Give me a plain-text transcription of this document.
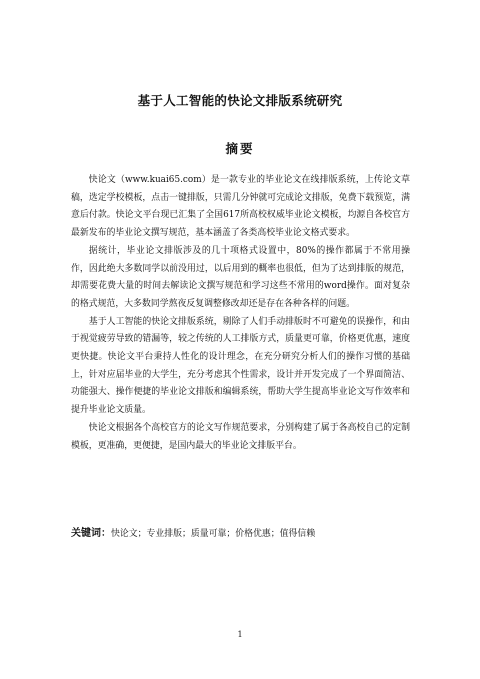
基于人工智能的快论文排版系统研究
摘要

快论文（www.kuai65.com）是一款专业的毕业论文在线排版系统，上传论文草稿，选定学校模板，点击一键排版，只需几分钟就可完成论文排版，免费下载预览，满意后付款。快论文平台现已汇集了全国617所高校权威毕业论文模板，均源自各校官方最新发布的毕业论文撰写规范，基本涵盖了各类高校毕业论文格式要求。

据统计，毕业论文排版涉及的几十项格式设置中，80%的操作都属于不常用操作，因此绝大多数同学以前没用过，以后用到的概率也很低，但为了达到排版的规范，却需要花费大量的时间去解读论文撰写规范和学习这些不常用的word操作。面对复杂的格式规范，大多数同学熬夜反复调整修改却还是存在各种各样的问题。

基于人工智能的快论文排版系统，剔除了人们手动排版时不可避免的误操作，和由于视觉疲劳导致的错漏等，较之传统的人工排版方式，质量更可靠，价格更优惠，速度更快捷。快论文平台秉持人性化的设计理念，在充分研究分析人们的操作习惯的基础上，针对应届毕业的大学生，充分考虑其个性需求，设计并开发完成了一个界面简洁、功能强大、操作便捷的毕业论文排版和编辑系统，帮助大学生提高毕业论文写作效率和提升毕业论文质量。

快论文根据各个高校官方的论文写作规范要求，分别构建了属于各高校自己的定制模板，更准确，更便捷，是国内最大的毕业论文排版平台。

关键词：快论文；专业排版；质量可靠；价格优惠；值得信赖
1
